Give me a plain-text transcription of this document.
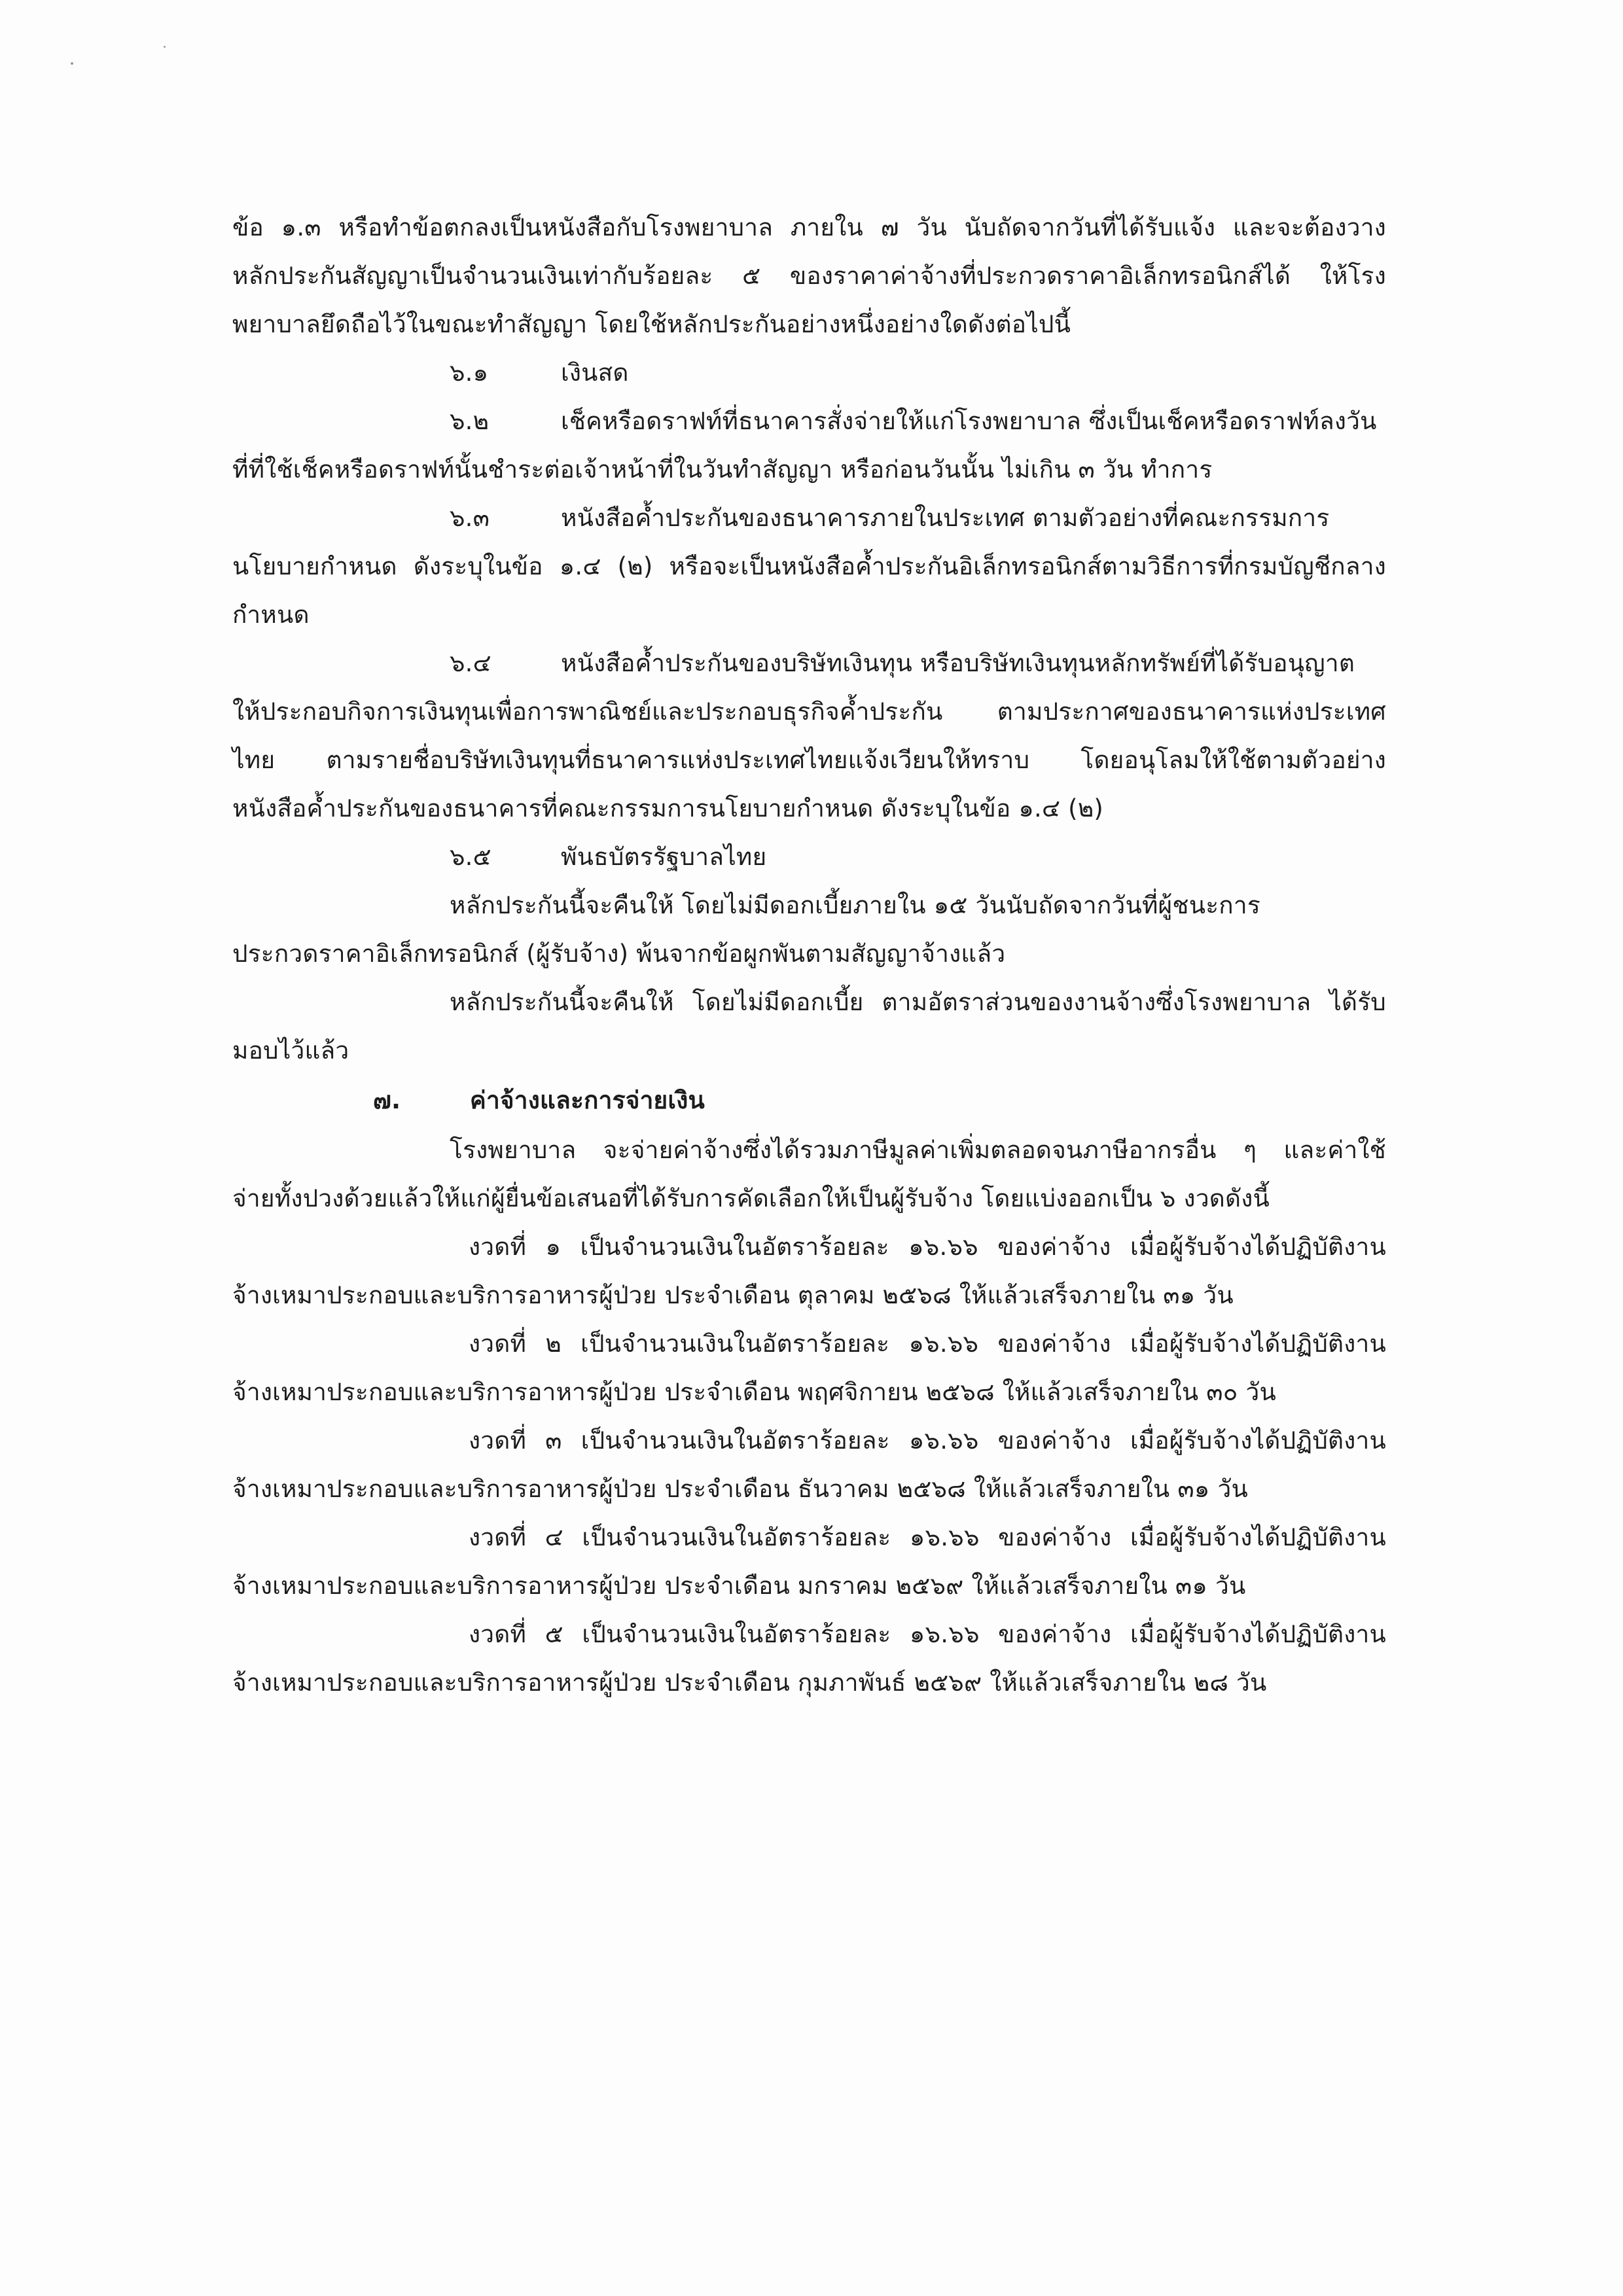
ข้อ ๑.๓ หรือทำข้อตกลงเป็นหนังสือกับโรงพยาบาล ภายใน ๗ วัน นับถัดจากวันที่ได้รับแจ้ง และจะต้องวาง
หลักประกันสัญญาเป็นจำนวนเงินเท่ากับร้อยละ ๕ ของราคาค่าจ้างที่ประกวดราคาอิเล็กทรอนิกส์ได้ ให้โรง
พยาบาลยึดถือไว้ในขณะทำสัญญา โดยใช้หลักประกันอย่างหนึ่งอย่างใดดังต่อไปนี้
๖.๑	เงินสด
๖.๒	เช็คหรือดราฟท์ที่ธนาคารสั่งจ่ายให้แก่โรงพยาบาล ซึ่งเป็นเช็คหรือดราฟท์ลงวัน
ที่ที่ใช้เช็คหรือดราฟท์นั้นชำระต่อเจ้าหน้าที่ในวันทำสัญญา หรือก่อนวันนั้น ไม่เกิน ๓ วัน ทำการ
๖.๓	หนังสือค้ำประกันของธนาคารภายในประเทศ ตามตัวอย่างที่คณะกรรมการ
นโยบายกำหนด ดังระบุในข้อ ๑.๔ (๒) หรือจะเป็นหนังสือค้ำประกันอิเล็กทรอนิกส์ตามวิธีการที่กรมบัญชีกลาง
กำหนด
๖.๔	หนังสือค้ำประกันของบริษัทเงินทุน หรือบริษัทเงินทุนหลักทรัพย์ที่ได้รับอนุญาต
ให้ประกอบกิจการเงินทุนเพื่อการพาณิชย์และประกอบธุรกิจค้ำประกัน ตามประกาศของธนาคารแห่งประเทศ
ไทย ตามรายชื่อบริษัทเงินทุนที่ธนาคารแห่งประเทศไทยแจ้งเวียนให้ทราบ โดยอนุโลมให้ใช้ตามตัวอย่าง
หนังสือค้ำประกันของธนาคารที่คณะกรรมการนโยบายกำหนด ดังระบุในข้อ ๑.๔ (๒)
๖.๕	พันธบัตรรัฐบาลไทย
หลักประกันนี้จะคืนให้ โดยไม่มีดอกเบี้ยภายใน ๑๕ วันนับถัดจากวันที่ผู้ชนะการ
ประกวดราคาอิเล็กทรอนิกส์ (ผู้รับจ้าง) พ้นจากข้อผูกพันตามสัญญาจ้างแล้ว
หลักประกันนี้จะคืนให้ โดยไม่มีดอกเบี้ย ตามอัตราส่วนของงานจ้างซึ่งโรงพยาบาล ได้รับ
มอบไว้แล้ว
๗.	ค่าจ้างและการจ่ายเงิน
โรงพยาบาล จะจ่ายค่าจ้างซึ่งได้รวมภาษีมูลค่าเพิ่มตลอดจนภาษีอากรอื่น ๆ และค่าใช้
จ่ายทั้งปวงด้วยแล้วให้แก่ผู้ยื่นข้อเสนอที่ได้รับการคัดเลือกให้เป็นผู้รับจ้าง โดยแบ่งออกเป็น ๖ งวดดังนี้
งวดที่ ๑ เป็นจำนวนเงินในอัตราร้อยละ ๑๖.๖๖ ของค่าจ้าง เมื่อผู้รับจ้างได้ปฏิบัติงาน
จ้างเหมาประกอบและบริการอาหารผู้ป่วย ประจำเดือน ตุลาคม ๒๕๖๘ ให้แล้วเสร็จภายใน ๓๑ วัน
งวดที่ ๒ เป็นจำนวนเงินในอัตราร้อยละ ๑๖.๖๖ ของค่าจ้าง เมื่อผู้รับจ้างได้ปฏิบัติงาน
จ้างเหมาประกอบและบริการอาหารผู้ป่วย ประจำเดือน พฤศจิกายน ๒๕๖๘ ให้แล้วเสร็จภายใน ๓๐ วัน
งวดที่ ๓ เป็นจำนวนเงินในอัตราร้อยละ ๑๖.๖๖ ของค่าจ้าง เมื่อผู้รับจ้างได้ปฏิบัติงาน
จ้างเหมาประกอบและบริการอาหารผู้ป่วย ประจำเดือน ธันวาคม ๒๕๖๘ ให้แล้วเสร็จภายใน ๓๑ วัน
งวดที่ ๔ เป็นจำนวนเงินในอัตราร้อยละ ๑๖.๖๖ ของค่าจ้าง เมื่อผู้รับจ้างได้ปฏิบัติงาน
จ้างเหมาประกอบและบริการอาหารผู้ป่วย ประจำเดือน มกราคม ๒๕๖๙ ให้แล้วเสร็จภายใน ๓๑ วัน
งวดที่ ๕ เป็นจำนวนเงินในอัตราร้อยละ ๑๖.๖๖ ของค่าจ้าง เมื่อผู้รับจ้างได้ปฏิบัติงาน
จ้างเหมาประกอบและบริการอาหารผู้ป่วย ประจำเดือน กุมภาพันธ์ ๒๕๖๙ ให้แล้วเสร็จภายใน ๒๘ วัน
